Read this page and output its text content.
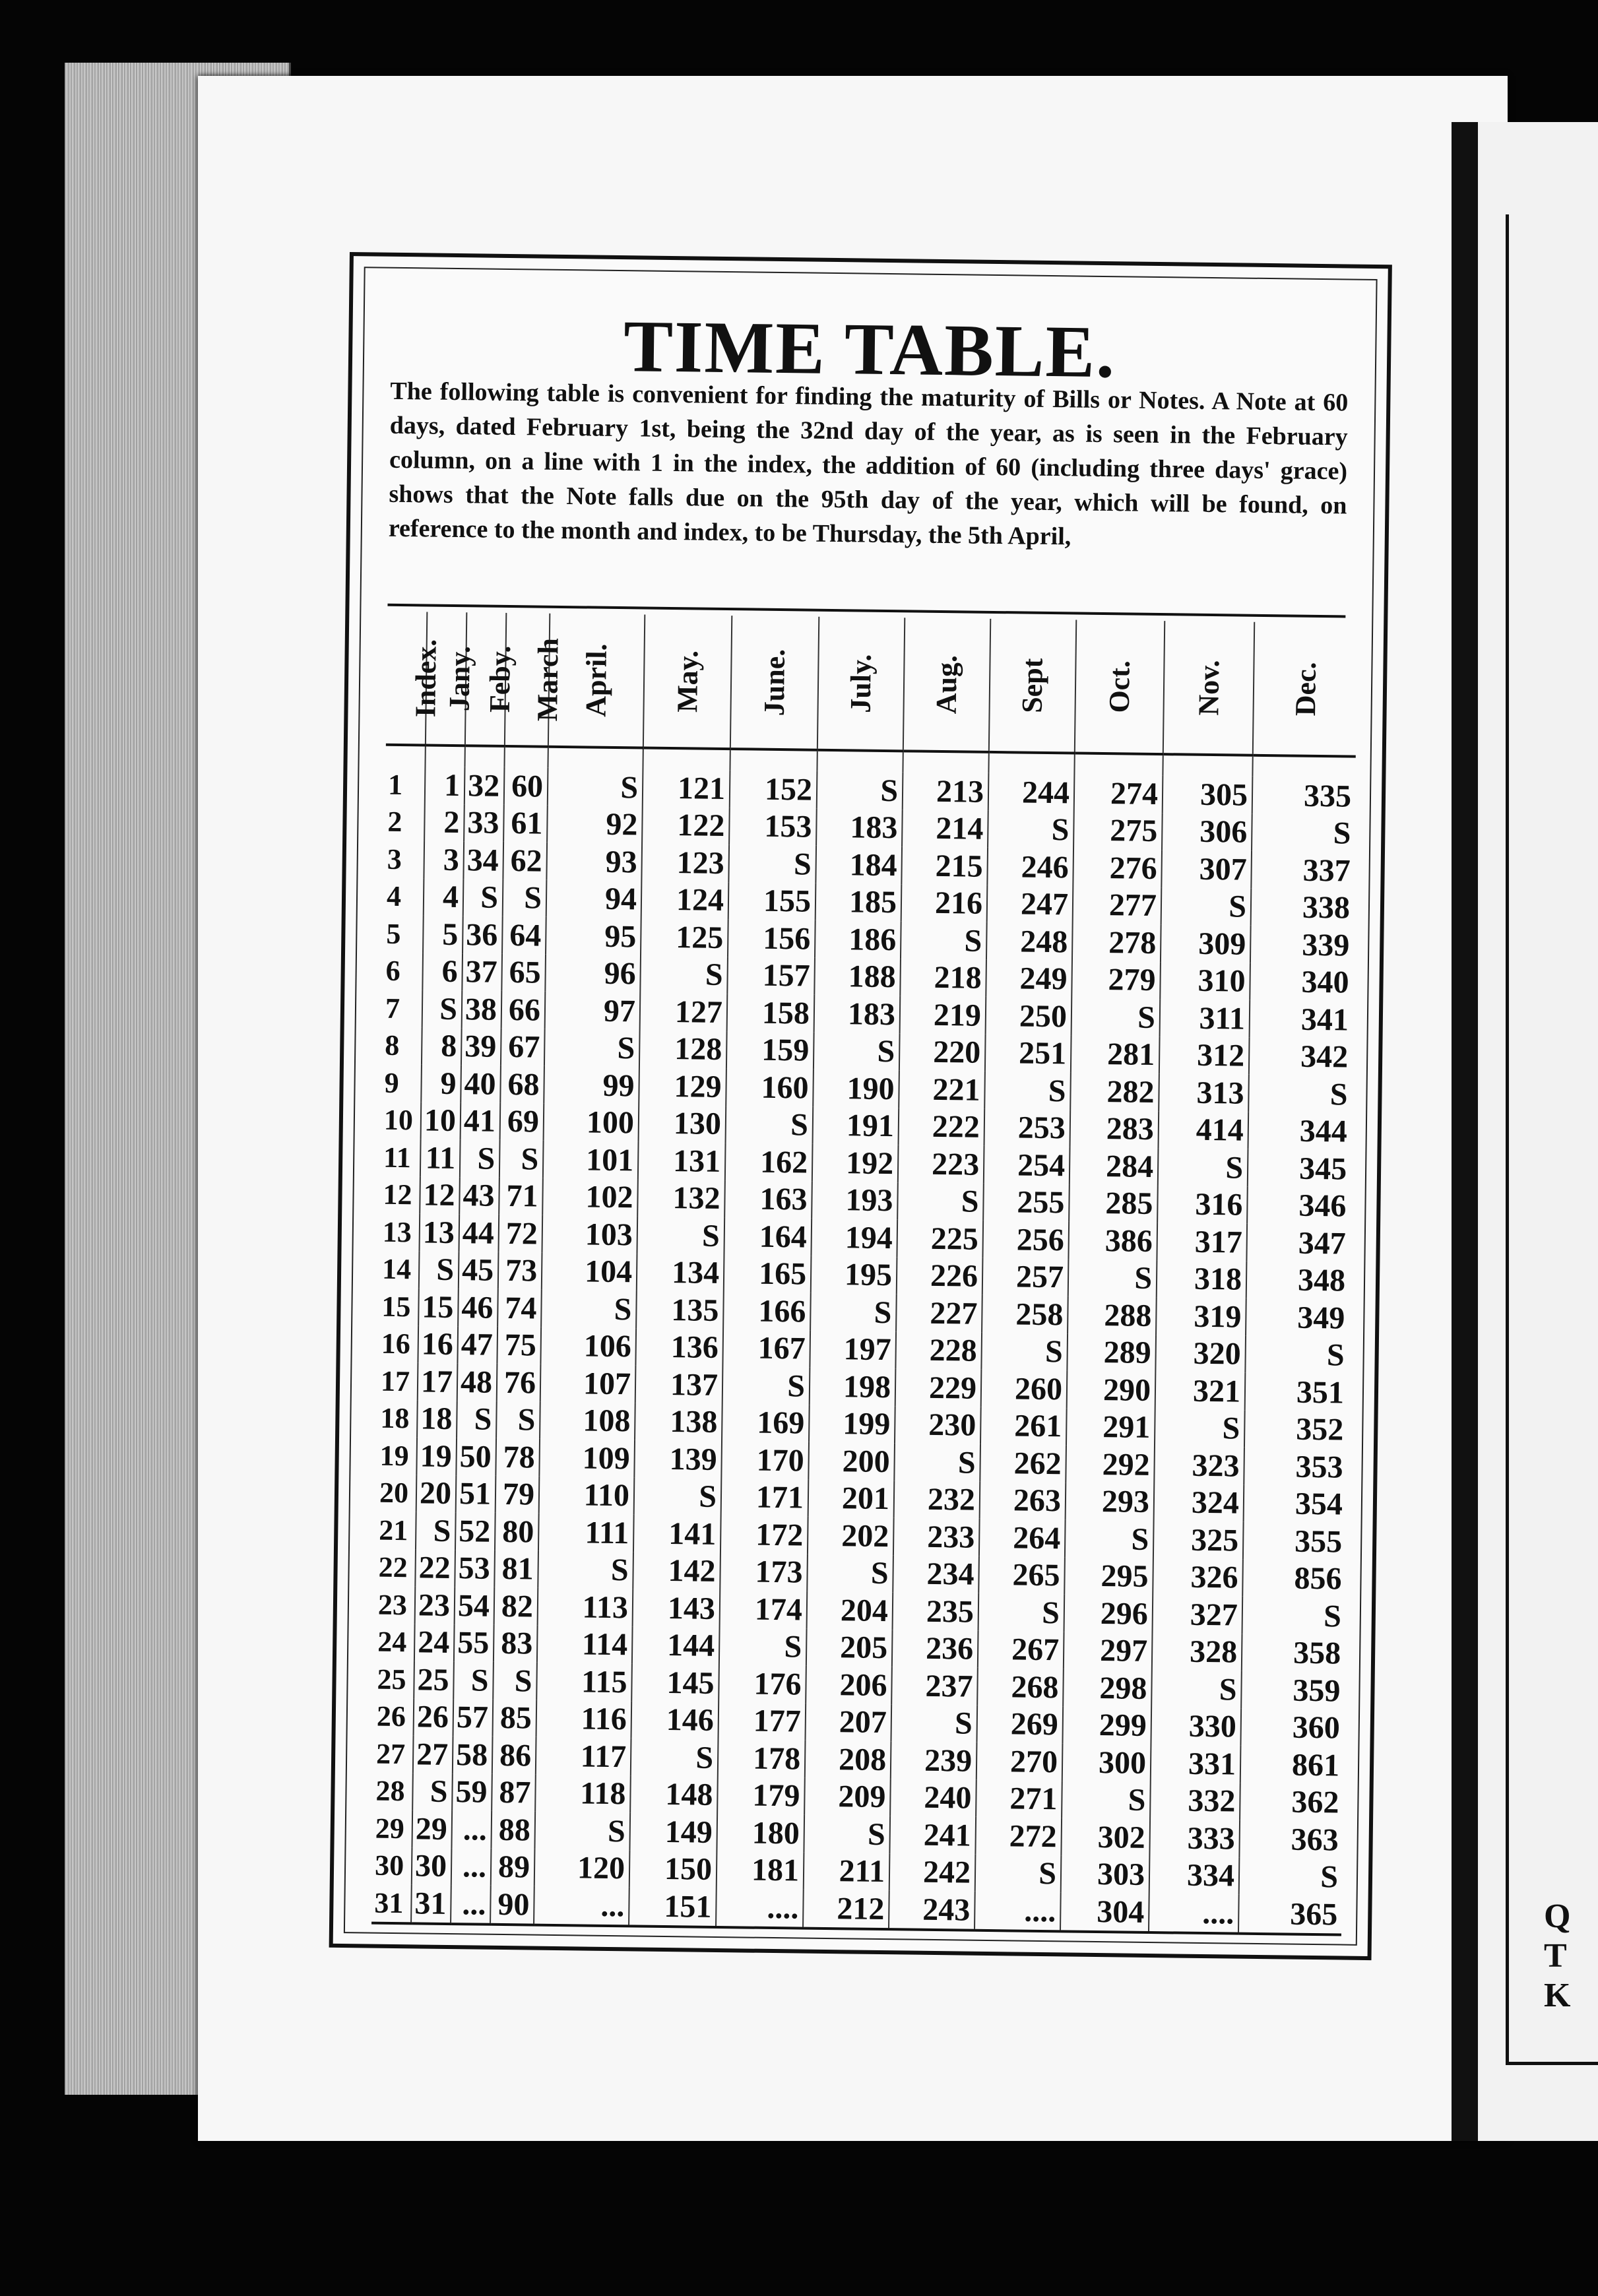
Q
T
K
TIME TABLE.

The following table is convenient for finding the maturity of Bills or Notes. A Note at 60 days, dated February 1st, being the 32nd day of the year, as is seen in the February column, on a line with 1 in the index, the addition of 60 (including three days' grace) shows that the Note falls due on the 95th day of the year, which will be found, on reference to the month and index, to be Thursday, the 5th April,

Index.	Jany.	Feby.	March	April.	May.	June.	July.	Aug.	Sept	Oct.	Nov.	Dec.

1	1	32	60	S	121	152	S	213	244	274	305	335
2	2	33	61	92	122	153	183	214	S	275	306	S
3	3	34	62	93	123	S	184	215	246	276	307	337
4	4	S	S	94	124	155	185	216	247	277	S	338
5	5	36	64	95	125	156	186	S	248	278	309	339
6	6	37	65	96	S	157	188	218	249	279	310	340
7	S	38	66	97	127	158	183	219	250	S	311	341
8	8	39	67	S	128	159	S	220	251	281	312	342
9	9	40	68	99	129	160	190	221	S	282	313	S
10	10	41	69	100	130	S	191	222	253	283	414	344
11	11	S	S	101	131	162	192	223	254	284	S	345
12	12	43	71	102	132	163	193	S	255	285	316	346
13	13	44	72	103	S	164	194	225	256	386	317	347
14	S	45	73	104	134	165	195	226	257	S	318	348
15	15	46	74	S	135	166	S	227	258	288	319	349
16	16	47	75	106	136	167	197	228	S	289	320	S
17	17	48	76	107	137	S	198	229	260	290	321	351
18	18	S	S	108	138	169	199	230	261	291	S	352
19	19	50	78	109	139	170	200	S	262	292	323	353
20	20	51	79	110	S	171	201	232	263	293	324	354
21	S	52	80	111	141	172	202	233	264	S	325	355
22	22	53	81	S	142	173	S	234	265	295	326	856
23	23	54	82	113	143	174	204	235	S	296	327	S
24	24	55	83	114	144	S	205	236	267	297	328	358
25	25	S	S	115	145	176	206	237	268	298	S	359
26	26	57	85	116	146	177	207	S	269	299	330	360
27	27	58	86	117	S	178	208	239	270	300	331	861
28	S	59	87	118	148	179	209	240	271	S	332	362
29	29	...	88	S	149	180	S	241	272	302	333	363
30	30	...	89	120	150	181	211	242	S	303	334	S
31	31	...	90	...	151	....	212	243	....	304	....	365
